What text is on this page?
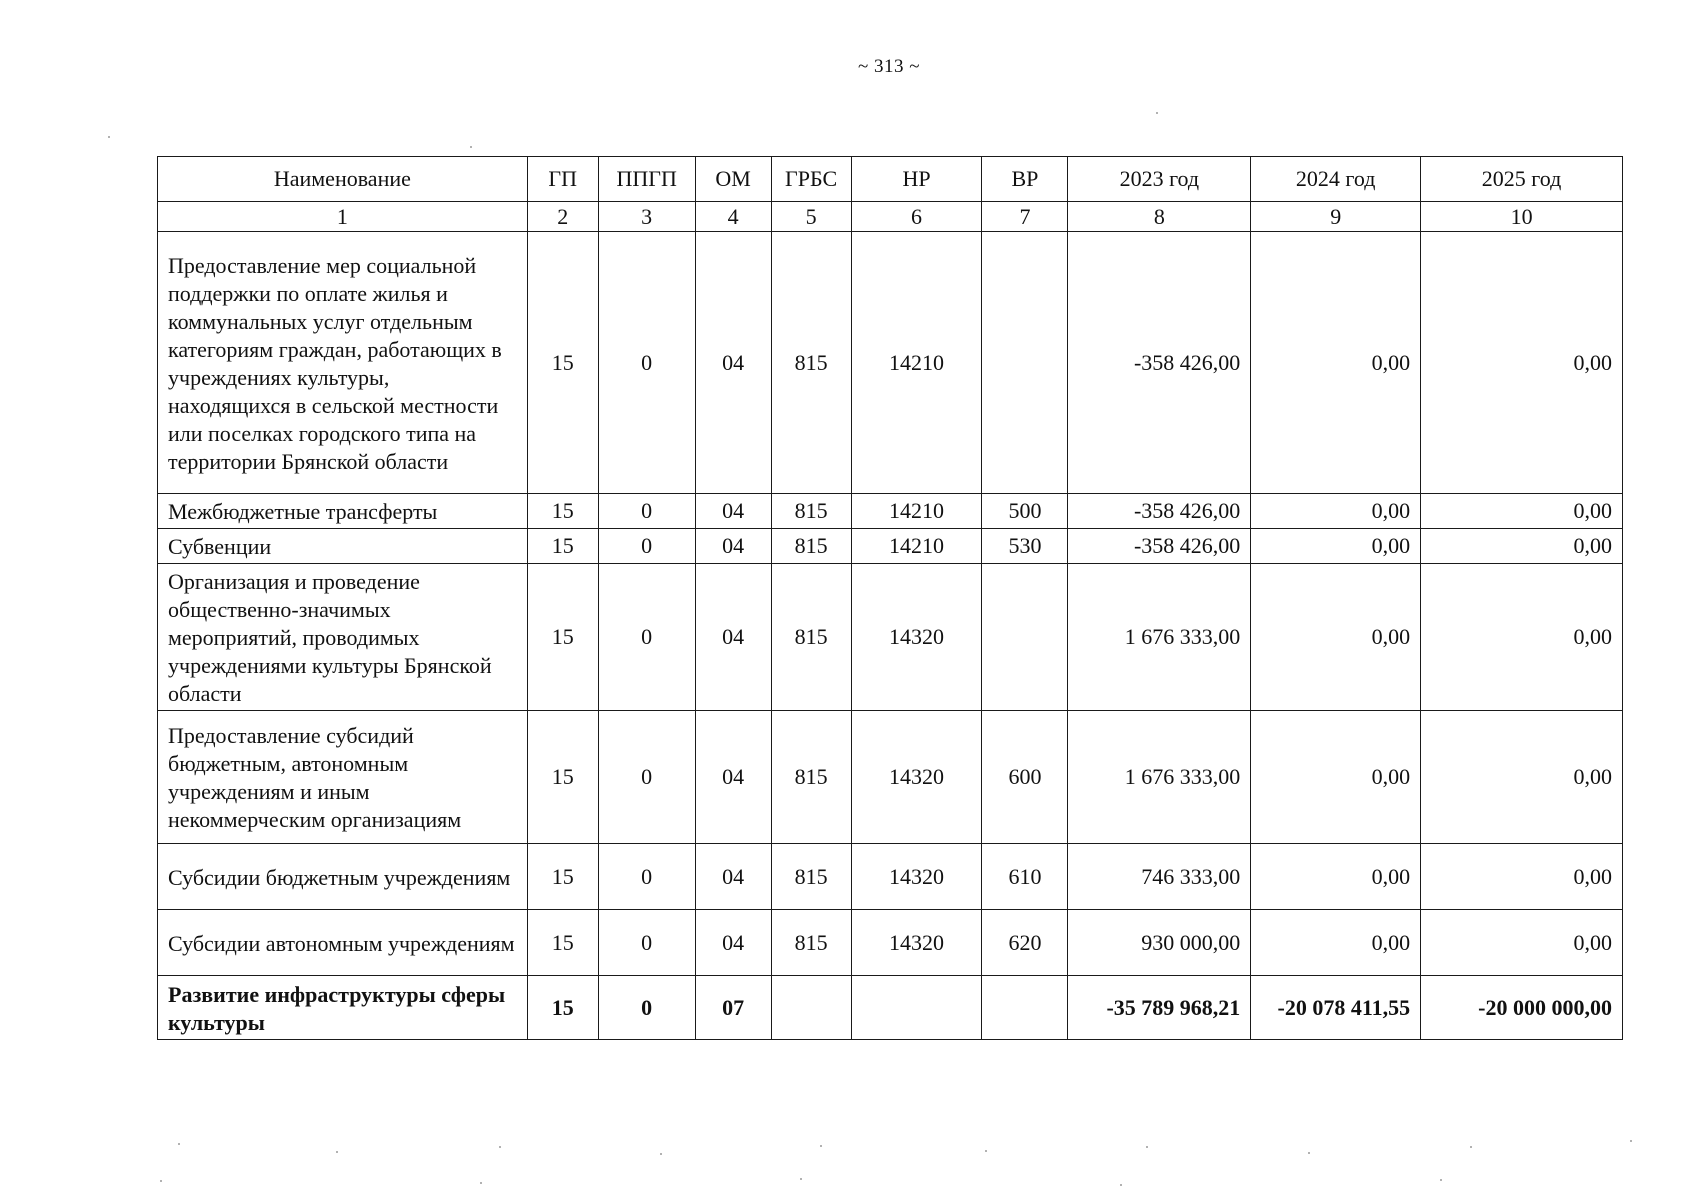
~ 313 ~
Наименование	ГП	ППГП	ОМ	ГРБС	НР	ВР	2023 год	2024 год	2025 год
1	2	3	4	5	6	7	8	9	10
Предоставление мер социальной поддержки по оплате жилья и коммунальных услуг отдельным категориям граждан, работающих в учреждениях культуры, находящихся в сельской местности или поселках городского типа на территории Брянской области	15	0	04	815	14210		-358 426,00	0,00	0,00
Межбюджетные трансферты	15	0	04	815	14210	500	-358 426,00	0,00	0,00
Субвенции	15	0	04	815	14210	530	-358 426,00	0,00	0,00
Организация и проведение общественно-значимых мероприятий, проводимых учреждениями культуры Брянской области	15	0	04	815	14320		1 676 333,00	0,00	0,00
Предоставление субсидий бюджетным, автономным учреждениям и иным некоммерческим организациям	15	0	04	815	14320	600	1 676 333,00	0,00	0,00
Субсидии бюджетным учреждениям	15	0	04	815	14320	610	746 333,00	0,00	0,00
Субсидии автономным учреждениям	15	0	04	815	14320	620	930 000,00	0,00	0,00
Развитие инфраструктуры сферы культуры	15	0	07				-35 789 968,21	-20 078 411,55	-20 000 000,00
